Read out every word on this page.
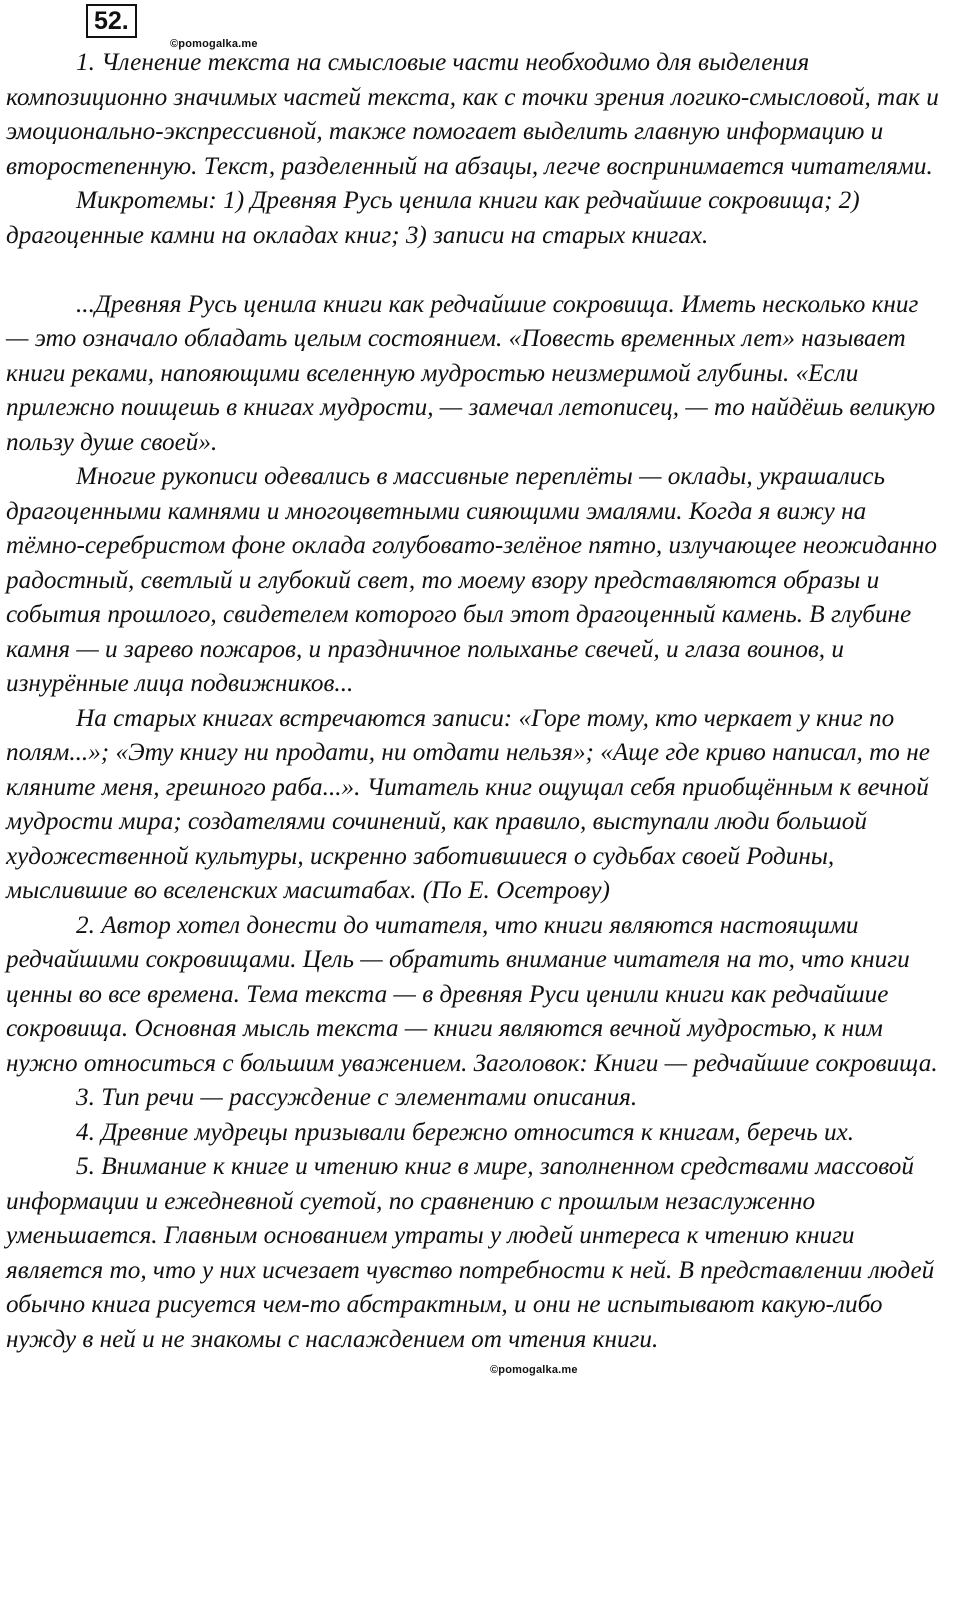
52.
©pomogalka.me

1. Членение текста на смысловые части необходимо для выделения композиционно значимых частей текста, как с точки зрения логико-смысловой, так и эмоционально-экспрессивной, также помогает выделить главную информацию и второстепенную. Текст, разделенный на абзацы, легче воспринимается читателями.

Микротемы: 1) Древняя Русь ценила книги как редчайшие сокровища; 2) драгоценные камни на окладах книг; 3) записи на старых книгах.

...Древняя Русь ценила книги как редчайшие сокровища. Иметь несколько книг — это означало обладать целым состоянием. «Повесть временных лет» называет книги реками, напояющими вселенную мудростью неизмеримой глубины. «Если прилежно поищешь в книгах мудрости, — замечал летописец, — то найдёшь великую пользу душе своей».

Многие рукописи одевались в массивные переплёты — оклады, украшались драгоценными камнями и многоцветными сияющими эмалями. Когда я вижу на тёмно-серебристом фоне оклада голубовато-зелёное пятно, излучающее неожиданно радостный, светлый и глубокий свет, то моему взору представляются образы и события прошлого, свидетелем которого был этот драгоценный камень. В глубине камня — и зарево пожаров, и праздничное полыханье свечей, и глаза воинов, и изнурённые лица подвижников...

На старых книгах встречаются записи: «Горе тому, кто черкает у книг по полям...»; «Эту книгу ни продати, ни отдати нельзя»; «Аще где криво написал, то не кляните меня, грешного раба...». Читатель книг ощущал себя приобщённым к вечной мудрости мира; создателями сочинений, как правило, выступали люди большой художественной культуры, искренно заботившиеся о судьбах своей Родины, мыслившие во вселенских масштабах. (По Е. Осетрову)

2. Автор хотел донести до читателя, что книги являются настоящими редчайшими сокровищами. Цель — обратить внимание читателя на то, что книги ценны во все времена. Тема текста — в древняя Руси ценили книги как редчайшие сокровища. Основная мысль текста — книги являются вечной мудростью, к ним нужно относиться с большим уважением. Заголовок: Книги — редчайшие сокровища.

3. Тип речи — рассуждение с элементами описания.

4. Древние мудрецы призывали бережно относится к книгам, беречь их.

5. Внимание к книге и чтению книг в мире, заполненном средствами массовой информации и ежедневной суетой, по сравнению с прошлым незаслуженно уменьшается. Главным основанием утраты у людей интереса к чтению книги является то, что у них исчезает чувство потребности к ней. В представлении людей обычно книга рисуется чем-то абстрактным, и они не испытывают какую-либо нужду в ней и не знакомы с наслаждением от чтения книги.

©pomogalka.me
